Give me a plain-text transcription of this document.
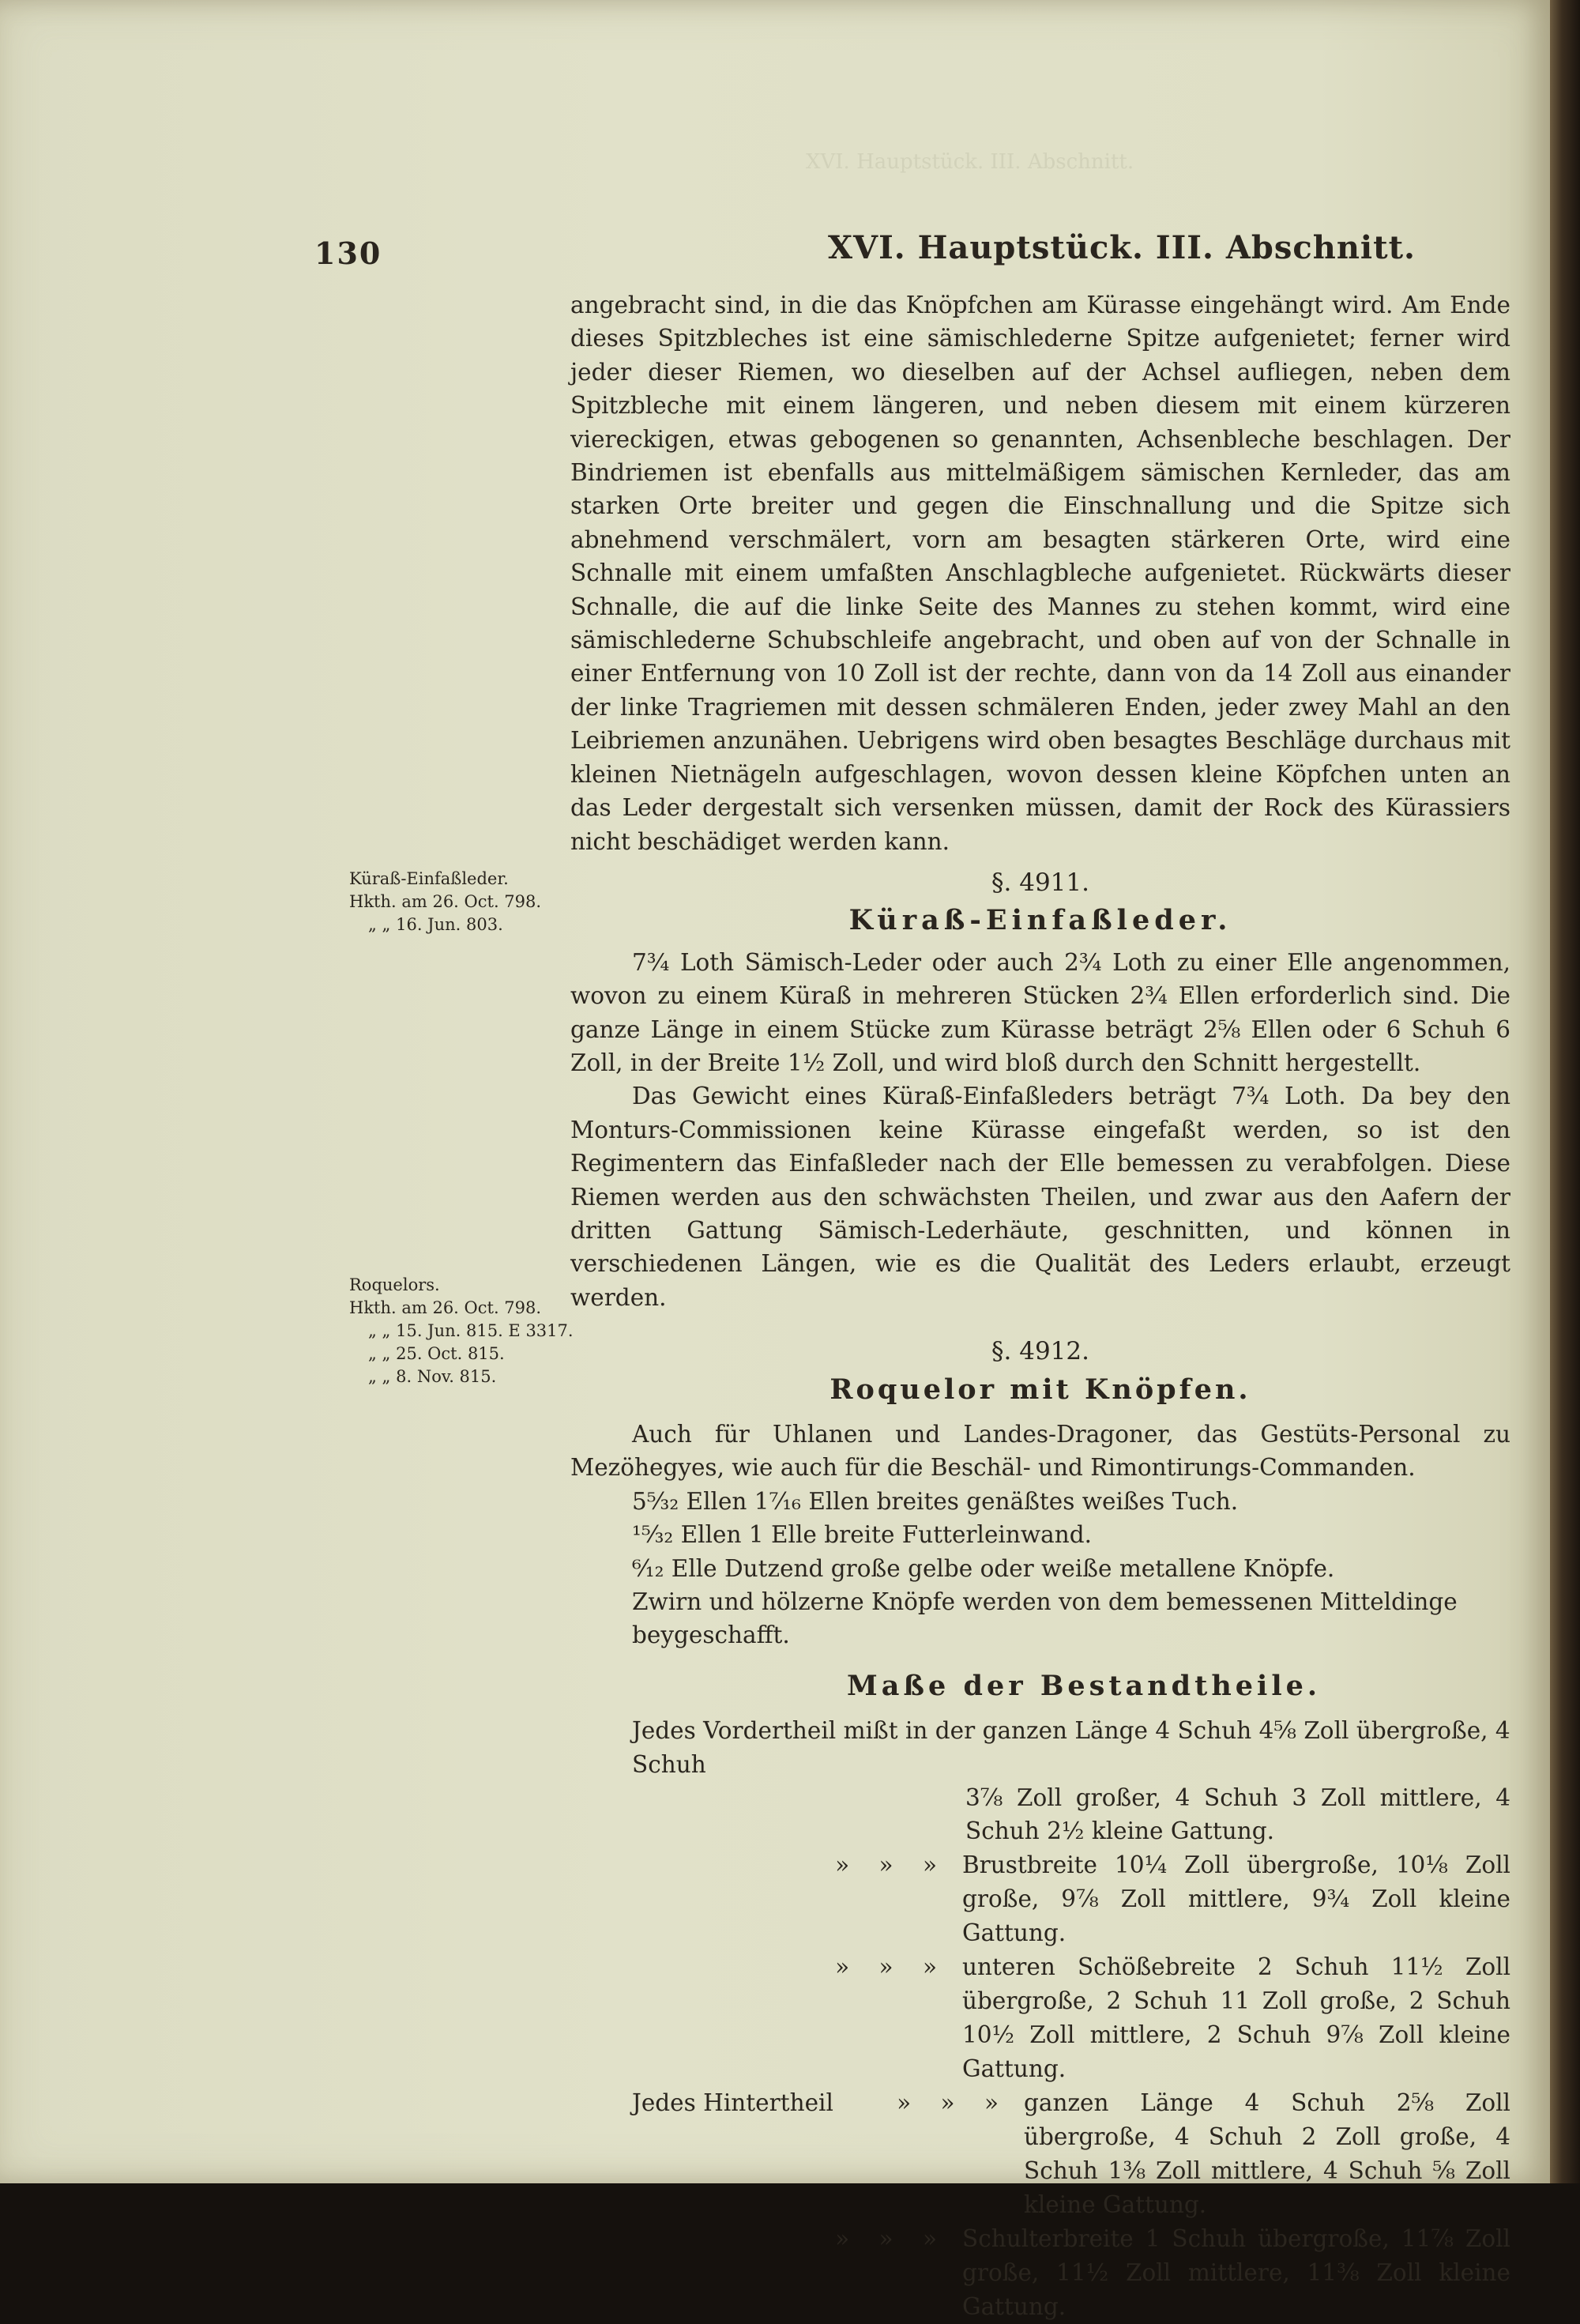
XVI. Hauptstück. III. Abschnitt.
130	XVI. Hauptstück. III. Abschnitt.
Küraß-Einfaßleder.
Hkth. am 26. Oct. 798.
„ „ 16. Jun. 803.
Roquelors.
Hkth. am 26. Oct. 798.
„ „ 15. Jun. 815. E 3317.
„ „ 25. Oct. 815.
„ „ 8. Nov. 815.

angebracht sind, in die das Knöpfchen am Kürasse eingehängt wird. Am Ende dieses Spitzbleches ist eine sämischlederne Spitze aufgenietet; ferner wird jeder dieser Riemen, wo dieselben auf der Achsel aufliegen, neben dem Spitzbleche mit einem längeren, und neben diesem mit einem kürzeren viereckigen, etwas gebogenen so genannten, Achsenbleche beschlagen. Der Bindriemen ist ebenfalls aus mittelmäßigem sämischen Kernleder, das am starken Orte breiter und gegen die Einschnallung und die Spitze sich abnehmend verschmälert, vorn am besagten stärkeren Orte, wird eine Schnalle mit einem umfaßten Anschlagbleche aufgenietet. Rückwärts dieser Schnalle, die auf die linke Seite des Mannes zu stehen kommt, wird eine sämischlederne Schubschleife angebracht, und oben auf von der Schnalle in einer Entfernung von 10 Zoll ist der rechte, dann von da 14 Zoll aus einander der linke Tragriemen mit dessen schmäleren Enden, jeder zwey Mahl an den Leibriemen anzunähen. Uebrigens wird oben besagtes Beschläge durchaus mit kleinen Nietnägeln aufgeschlagen, wovon dessen kleine Köpfchen unten an das Leder dergestalt sich versenken müssen, damit der Rock des Kürassiers nicht beschädiget werden kann.

§. 4911.
Küraß-Einfaßleder.

7¾ Loth Sämisch-Leder oder auch 2¾ Loth zu einer Elle angenommen, wovon zu einem Küraß in mehreren Stücken 2¾ Ellen erforderlich sind. Die ganze Länge in einem Stücke zum Kürasse beträgt 2⅝ Ellen oder 6 Schuh 6 Zoll, in der Breite 1½ Zoll, und wird bloß durch den Schnitt hergestellt.

Das Gewicht eines Küraß-Einfaßleders beträgt 7¾ Loth. Da bey den Monturs-Commissionen keine Kürasse eingefaßt werden, so ist den Regimentern das Einfaßleder nach der Elle bemessen zu verabfolgen. Diese Riemen werden aus den schwächsten Theilen, und zwar aus den Aafern der dritten Gattung Sämisch-Lederhäute, geschnitten, und können in verschiedenen Längen, wie es die Qualität des Leders erlaubt, erzeugt werden.

§. 4912.
Roquelor mit Knöpfen.

Auch für Uhlanen und Landes-Dragoner, das Gestüts-Personal zu Mezöhegyes, wie auch für die Beschäl- und Rimontirungs-Commanden.

5⁵⁄₃₂ Ellen 1⁷⁄₁₆ Ellen breites genäßtes weißes Tuch.

¹⁵⁄₃₂ Ellen 1 Elle breite Futterleinwand.

⁶⁄₁₂ Elle Dutzend große gelbe oder weiße metallene Knöpfe.

Zwirn und hölzerne Knöpfe werden von dem bemessenen Mitteldinge beygeschafft.

Maße der Bestandtheile.

Jedes Vordertheil mißt in der ganzen Länge 4 Schuh 4⅝ Zoll übergroße, 4 Schuh

3⅞ Zoll großer, 4 Schuh 3 Zoll mittlere, 4 Schuh 2½ kleine Gattung.

» » » Brustbreite 10¼ Zoll übergroße, 10⅛ Zoll große, 9⅞ Zoll mittlere, 9¾ Zoll kleine Gattung.
» » » unteren Schößebreite 2 Schuh 11½ Zoll übergroße, 2 Schuh 11 Zoll große, 2 Schuh 10½ Zoll mittlere, 2 Schuh 9⅞ Zoll kleine Gattung.
Jedes Hintertheil	» » » ganzen Länge 4 Schuh 2⅝ Zoll übergroße, 4 Schuh 2 Zoll große, 4 Schuh 1⅜ Zoll mittlere, 4 Schuh ⅝ Zoll kleine Gattung.
» » » Schulterbreite 1 Schuh übergroße, 11⅞ Zoll große, 11½ Zoll mittlere, 11⅜ Zoll kleine Gattung.
